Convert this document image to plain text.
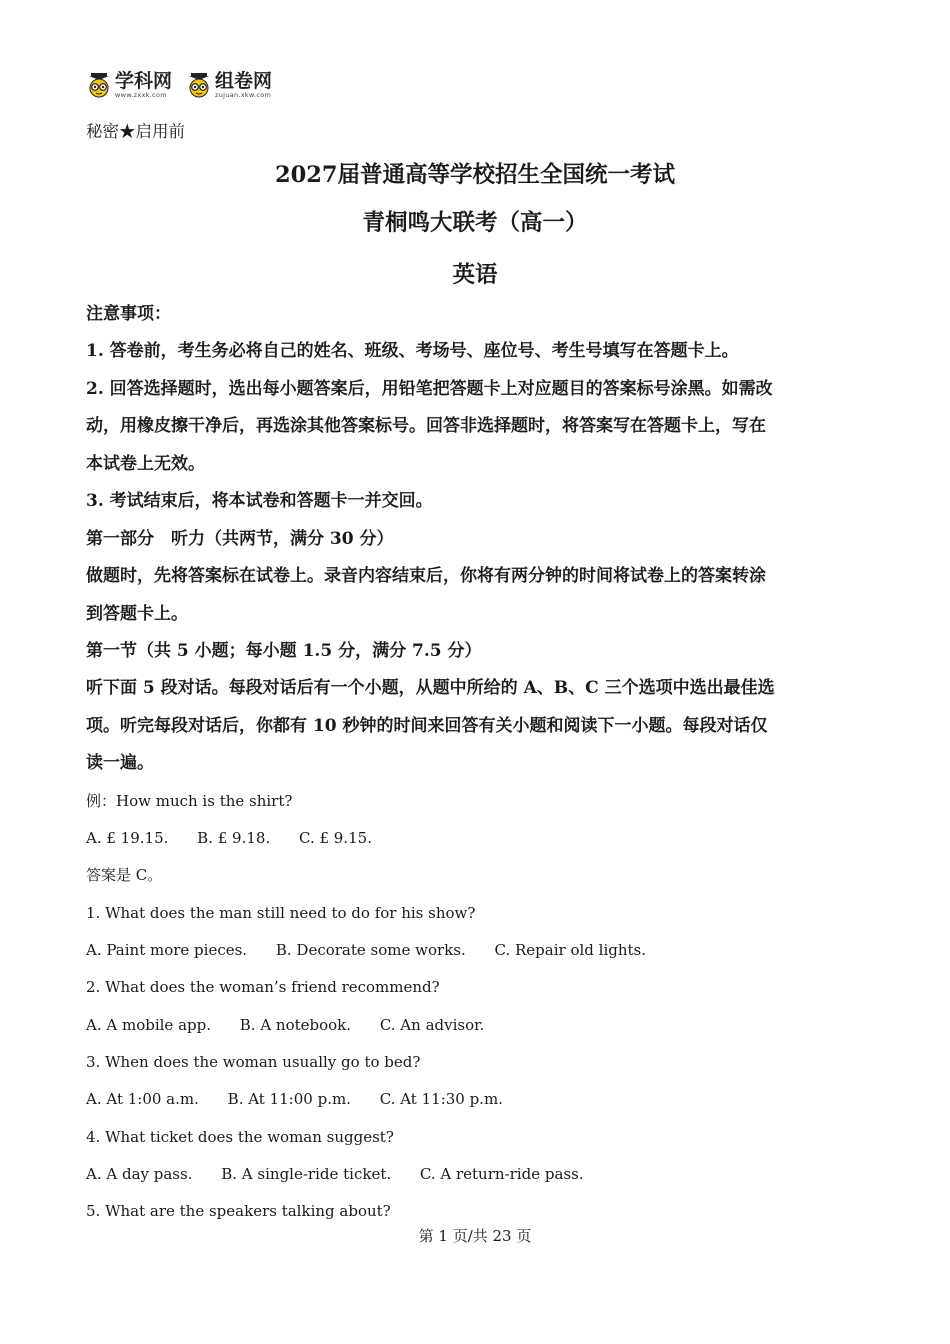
学科网
www.zxxk.com
组卷网
zujuan.xkw.com
秘密★启用前
2027届普通高等学校招生全国统一考试
青桐鸣大联考（高一）
英语
注意事项：
1. 答卷前，考生务必将自己的姓名、班级、考场号、座位号、考生号填写在答题卡上。
2. 回答选择题时，选出每小题答案后，用铅笔把答题卡上对应题目的答案标号涂黑。如需改
动，用橡皮擦干净后，再选涂其他答案标号。回答非选择题时，将答案写在答题卡上，写在
本试卷上无效。
3. 考试结束后，将本试卷和答题卡一并交回。
第一部分　听力（共两节，满分 30 分）
做题时，先将答案标在试卷上。录音内容结束后，你将有两分钟的时间将试卷上的答案转涂
到答题卡上。
第一节（共 5 小题；每小题 1.5 分，满分 7.5 分）
听下面 5 段对话。每段对话后有一个小题，从题中所给的 A、B、C 三个选项中选出最佳选
项。听完每段对话后，你都有 10 秒钟的时间来回答有关小题和阅读下一小题。每段对话仅
读一遍。
例：How much is the shirt?
A. £ 19.15. B. £ 9.18. C. £ 9.15.
答案是 C。
1. What does the man still need to do for his show?
A. Paint more pieces. B. Decorate some works. C. Repair old lights.
2. What does the woman’s friend recommend?
A. A mobile app. B. A notebook. C. An advisor.
3. When does the woman usually go to bed?
A. At 1:00 a.m. B. At 11:00 p.m. C. At 11:30 p.m.
4. What ticket does the woman suggest?
A. A day pass. B. A single-ride ticket. C. A return-ride pass.
5. What are the speakers talking about?
第 1 页/共 23 页
